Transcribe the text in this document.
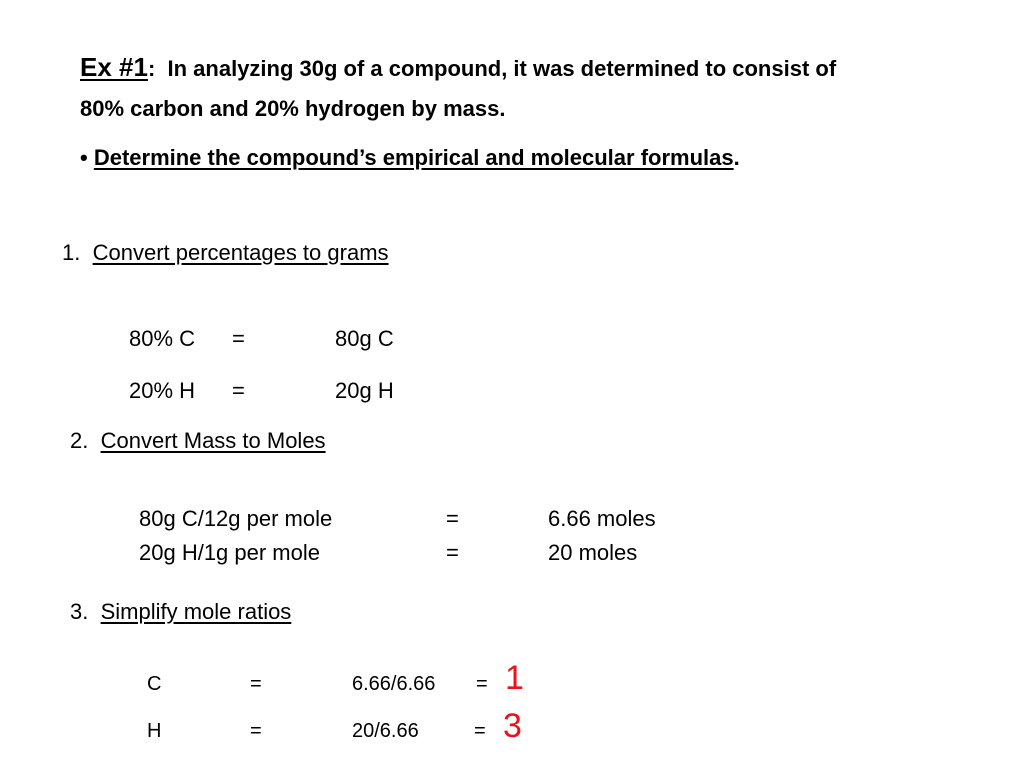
Ex #1: In analyzing 30g of a compound, it was determined to consist of
80% carbon and 20% hydrogen by mass.
• Determine the compound’s empirical and molecular formulas.
1. Convert percentages to grams
80% C =	80g C
20% H =	20g H
2. Convert Mass to Moles
80g C/12g per mole	=	6.66 moles
20g H/1g per mole	=	20 moles
3. Simplify mole ratios
C	=	6.66/6.66 = 1
H	=	20/6.66	= 3
